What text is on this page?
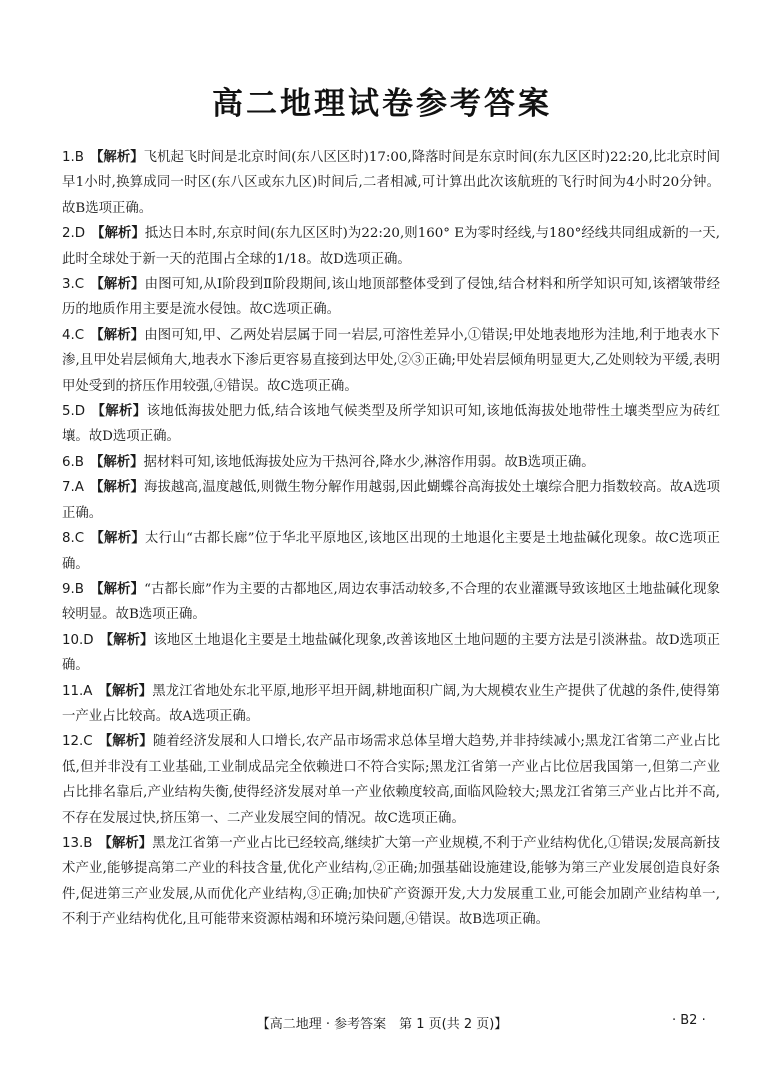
高二地理试卷参考答案

1.B 【解析】飞机起飞时间是北京时间(东八区区时)17:00,降落时间是东京时间(东九区区时)22:20,比北京时间早1小时,换算成同一时区(东八区或东九区)时间后,二者相减,可计算出此次该航班的飞行时间为4小时20分钟。故B选项正确。

2.D 【解析】抵达日本时,东京时间(东九区区时)为22:20,则160° E为零时经线,与180°经线共同组成新的一天,此时全球处于新一天的范围占全球的1/18。故D选项正确。

3.C 【解析】由图可知,从Ⅰ阶段到Ⅱ阶段期间,该山地顶部整体受到了侵蚀,结合材料和所学知识可知,该褶皱带经历的地质作用主要是流水侵蚀。故C选项正确。

4.C 【解析】由图可知,甲、乙两处岩层属于同一岩层,可溶性差异小,①错误;甲处地表地形为洼地,利于地表水下渗,且甲处岩层倾角大,地表水下渗后更容易直接到达甲处,②③正确;甲处岩层倾角明显更大,乙处则较为平缓,表明甲处受到的挤压作用较强,④错误。故C选项正确。

5.D 【解析】该地低海拔处肥力低,结合该地气候类型及所学知识可知,该地低海拔处地带性土壤类型应为砖红壤。故D选项正确。

6.B 【解析】据材料可知,该地低海拔处应为干热河谷,降水少,淋溶作用弱。故B选项正确。

7.A 【解析】海拔越高,温度越低,则微生物分解作用越弱,因此蝴蝶谷高海拔处土壤综合肥力指数较高。故A选项正确。

8.C 【解析】太行山“古都长廊”位于华北平原地区,该地区出现的土地退化主要是土地盐碱化现象。故C选项正确。

9.B 【解析】“古都长廊”作为主要的古都地区,周边农事活动较多,不合理的农业灌溉导致该地区土地盐碱化现象较明显。故B选项正确。

10.D 【解析】该地区土地退化主要是土地盐碱化现象,改善该地区土地问题的主要方法是引淡淋盐。故D选项正确。

11.A 【解析】黑龙江省地处东北平原,地形平坦开阔,耕地面积广阔,为大规模农业生产提供了优越的条件,使得第一产业占比较高。故A选项正确。

12.C 【解析】随着经济发展和人口增长,农产品市场需求总体呈增大趋势,并非持续减小;黑龙江省第二产业占比低,但并非没有工业基础,工业制成品完全依赖进口不符合实际;黑龙江省第一产业占比位居我国第一,但第二产业占比排名靠后,产业结构失衡,使得经济发展对单一产业依赖度较高,面临风险较大;黑龙江省第三产业占比并不高,不存在发展过快,挤压第一、二产业发展空间的情况。故C选项正确。

13.B 【解析】黑龙江省第一产业占比已经较高,继续扩大第一产业规模,不利于产业结构优化,①错误;发展高新技术产业,能够提高第二产业的科技含量,优化产业结构,②正确;加强基础设施建设,能够为第三产业发展创造良好条件,促进第三产业发展,从而优化产业结构,③正确;加快矿产资源开发,大力发展重工业,可能会加剧产业结构单一,不利于产业结构优化,且可能带来资源枯竭和环境污染问题,④错误。故B选项正确。

【高二地理 · 参考答案　第 1 页(共 2 页)】	· B2 ·
